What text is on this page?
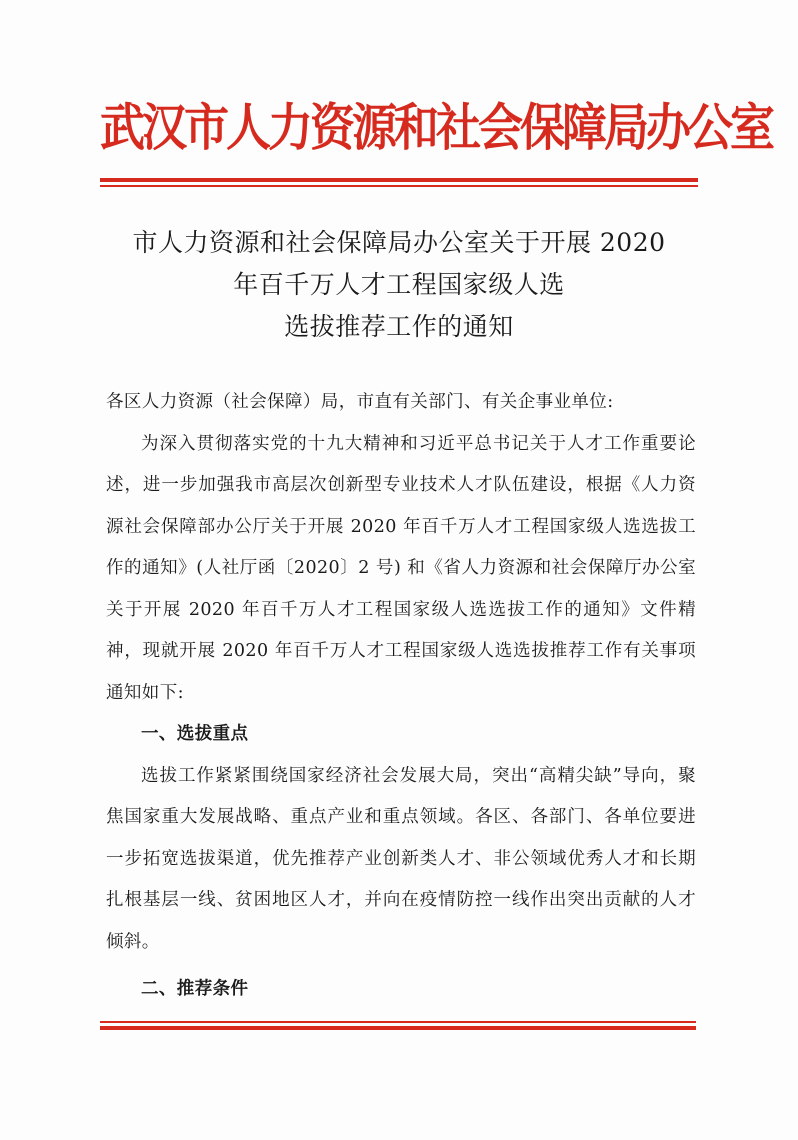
武汉市人力资源和社会保障局办公室
市人力资源和社会保障局办公室关于开展 2020
年百千万人才工程国家级人选
选拔推荐工作的通知

各区人力资源（社会保障）局，市直有关部门、有关企事业单位:

为深入贯彻落实党的十九大精神和习近平总书记关于人才工作重要论述，进一步加强我市高层次创新型专业技术人才队伍建设，根据《人力资源社会保障部办公厅关于开展 2020 年百千万人才工程国家级人选选拔工作的通知》(人社厅函〔2020〕2 号) 和《省人力资源和社会保障厅办公室关于开展 2020 年百千万人才工程国家级人选选拔工作的通知》文件精神，现就开展 2020 年百千万人才工程国家级人选选拔推荐工作有关事项通知如下:

一、选拔重点

选拔工作紧紧围绕国家经济社会发展大局，突出“高精尖缺”导向，聚焦国家重大发展战略、重点产业和重点领域。各区、各部门、各单位要进一步拓宽选拔渠道，优先推荐产业创新类人才、非公领域优秀人才和长期扎根基层一线、贫困地区人才，并向在疫情防控一线作出突出贡献的人才倾斜。

二、推荐条件
